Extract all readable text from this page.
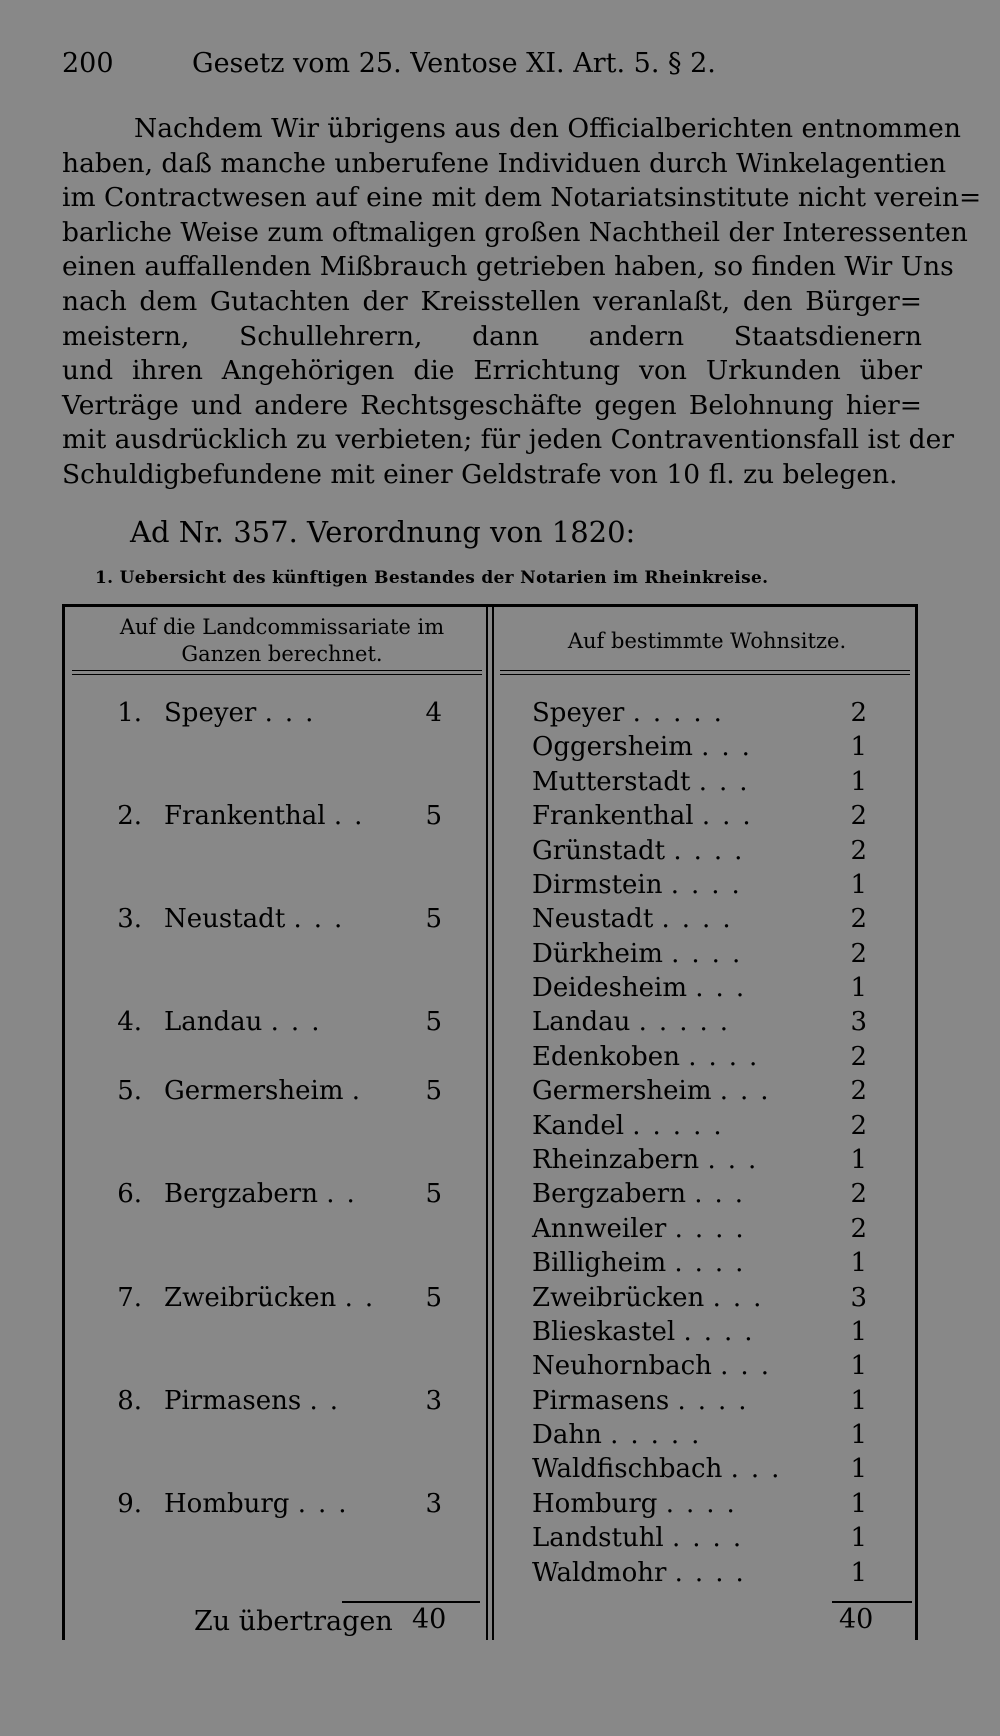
200	Gesetz vom 25. Ventose XI. Art. 5. § 2.
Nachdem Wir übrigens aus den Officialberichten entnommen
haben, daß manche unberufene Individuen durch Winkelagentien
im Contractwesen auf eine mit dem Notariatsinstitute nicht verein=
barliche Weise zum oftmaligen großen Nachtheil der Interessenten
einen auffallenden Mißbrauch getrieben haben, so finden Wir Uns
nach dem Gutachten der Kreisstellen veranlaßt, den Bürger=
meistern, Schullehrern, dann andern Staatsdienern
und ihren Angehörigen die Errichtung von Urkunden über
Verträge und andere Rechtsgeschäfte gegen Belohnung hier=
mit ausdrücklich zu verbieten; für jeden Contraventionsfall ist der
Schuldigbefundene mit einer Geldstrafe von 10 fl. zu belegen.
Ad Nr. 357. Verordnung von 1820:
1. Uebersicht des künftigen Bestandes der Notarien im Rheinkreise.
Auf die Landcommissariate im Ganzen berechnet.
Auf bestimmte Wohnsitze.
1. Speyer ...	4
2. Frankenthal ..	5
3. Neustadt ...	5
4. Landau ...	5
5. Germersheim .	5
6. Bergzabern ..	5
7. Zweibrücken ..	5
8. Pirmasens ..	3
9. Homburg ...	3
Speyer .....	2
Oggersheim ...	1
Mutterstadt ...	1
Frankenthal ...	2
Grünstadt ....	2
Dirmstein ....	1
Neustadt ....	2
Dürkheim ....	2
Deidesheim ...	1
Landau .....	3
Edenkoben ....	2
Germersheim ...	2
Kandel .....	2
Rheinzabern ...	1
Bergzabern ...	2
Annweiler ....	2
Billigheim ....	1
Zweibrücken ...	3
Blieskastel ....	1
Neuhornbach ...	1
Pirmasens ....	1
Dahn .....	1
Waldfischbach ...	1
Homburg ....	1
Landstuhl ....	1
Waldmohr ....	1
Zu übertragen 40	40
